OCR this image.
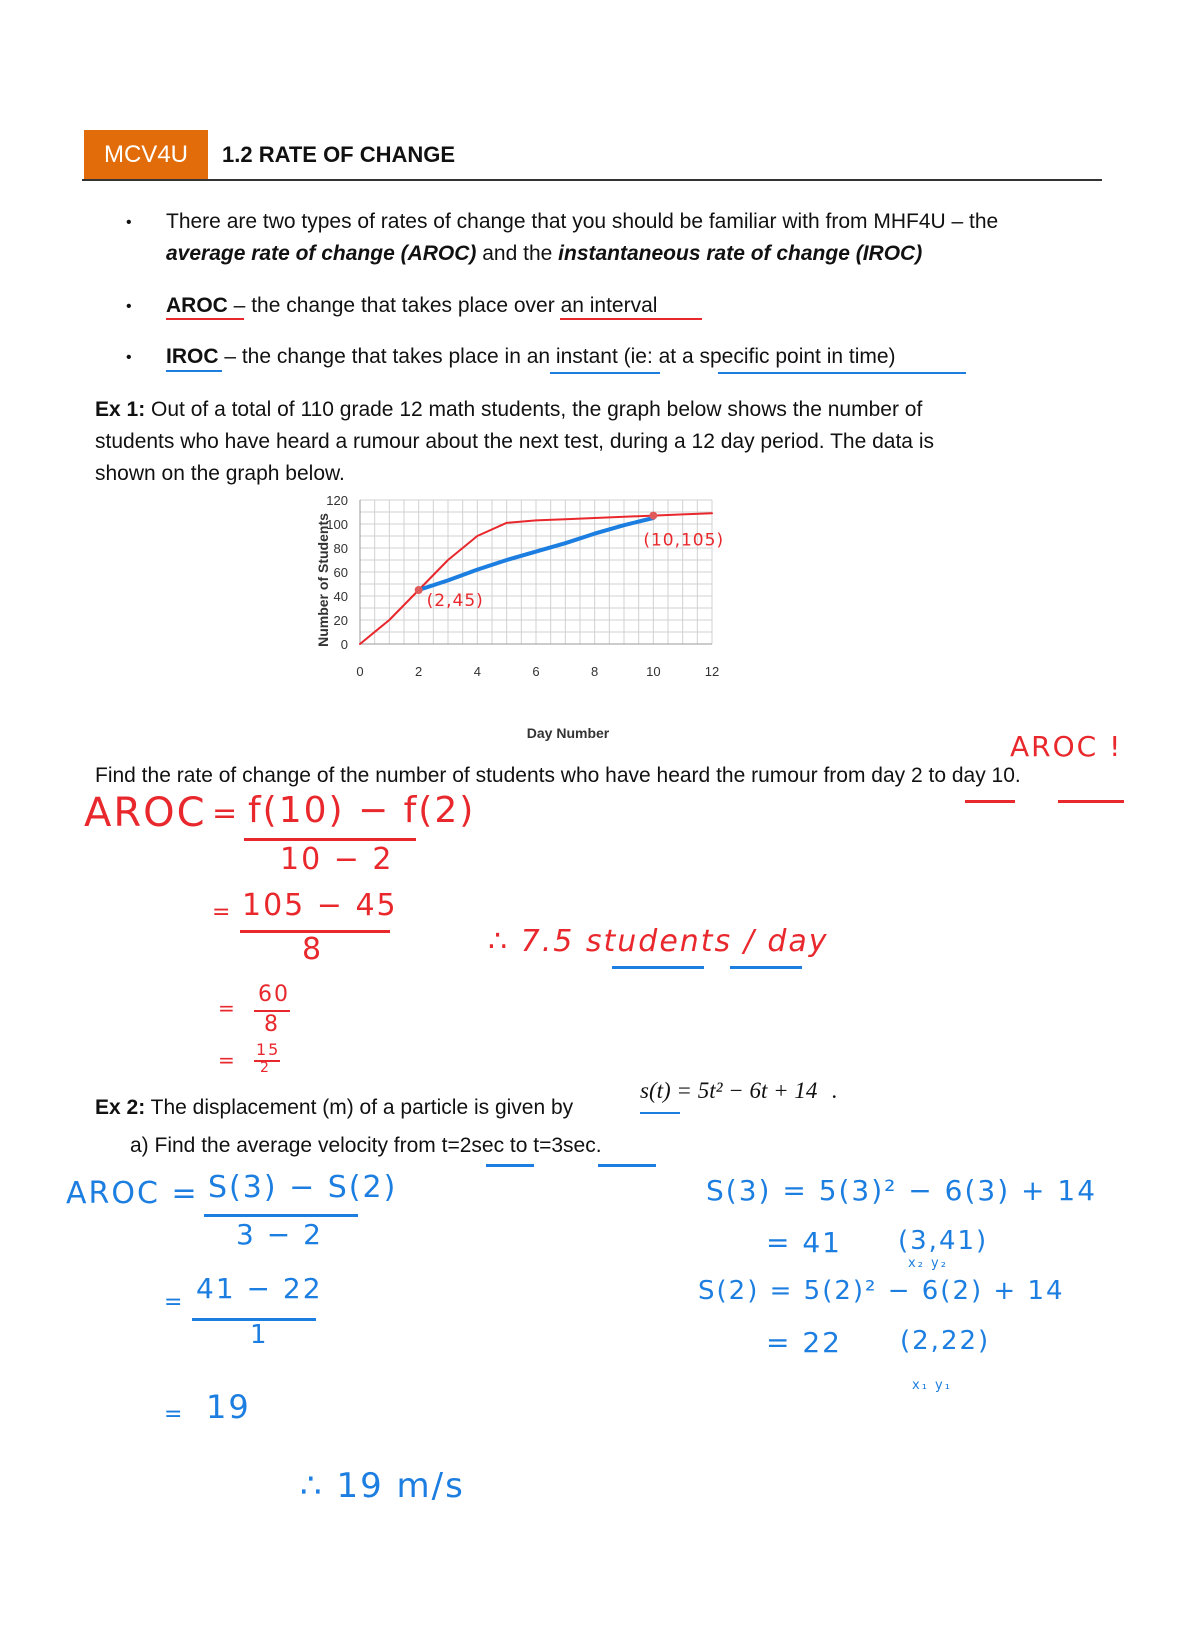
MCV4U	1.2 RATE OF CHANGE
• There are two types of rates of change that you should be familiar with from MHF4U – the
average rate of change (AROC) and the instantaneous rate of change (IROC)
• AROC – the change that takes place over an interval
• IROC – the change that takes place in an instant (ie: at a specific point in time)
Ex 1: Out of a total of 110 grade 12 math students, the graph below shows the number of
students who have heard a rumour about the next test, during a 12 day period. The data is
shown on the graph below.
0	2	4	6	8	10	12
0
20
40
60
80
100
120
(2,45)
(10,105)
Day Number
Number of Students
AROC !
Find the rate of change of the number of students who have heard the rumour from day 2 to day 10.
AROC = f(10) − f(2)
10 − 2
= 105 − 45
8
=
60
8
= 15
2
∴ 7.5 students / day
Ex 2: The displacement (m) of a particle is given by
s(t) = 5t² − 6t + 14 .
a) Find the average velocity from t=2sec to t=3sec.
AROC = S(3) − S(2)
3 − 2
= 41 − 22
1
= 19
∴ 19 m/s
S(3) = 5(3)² − 6(3) + 14
= 41 (3,41)
x₂ y₂
S(2) = 5(2)² − 6(2) + 14
= 22 (2,22)
x₁ y₁
